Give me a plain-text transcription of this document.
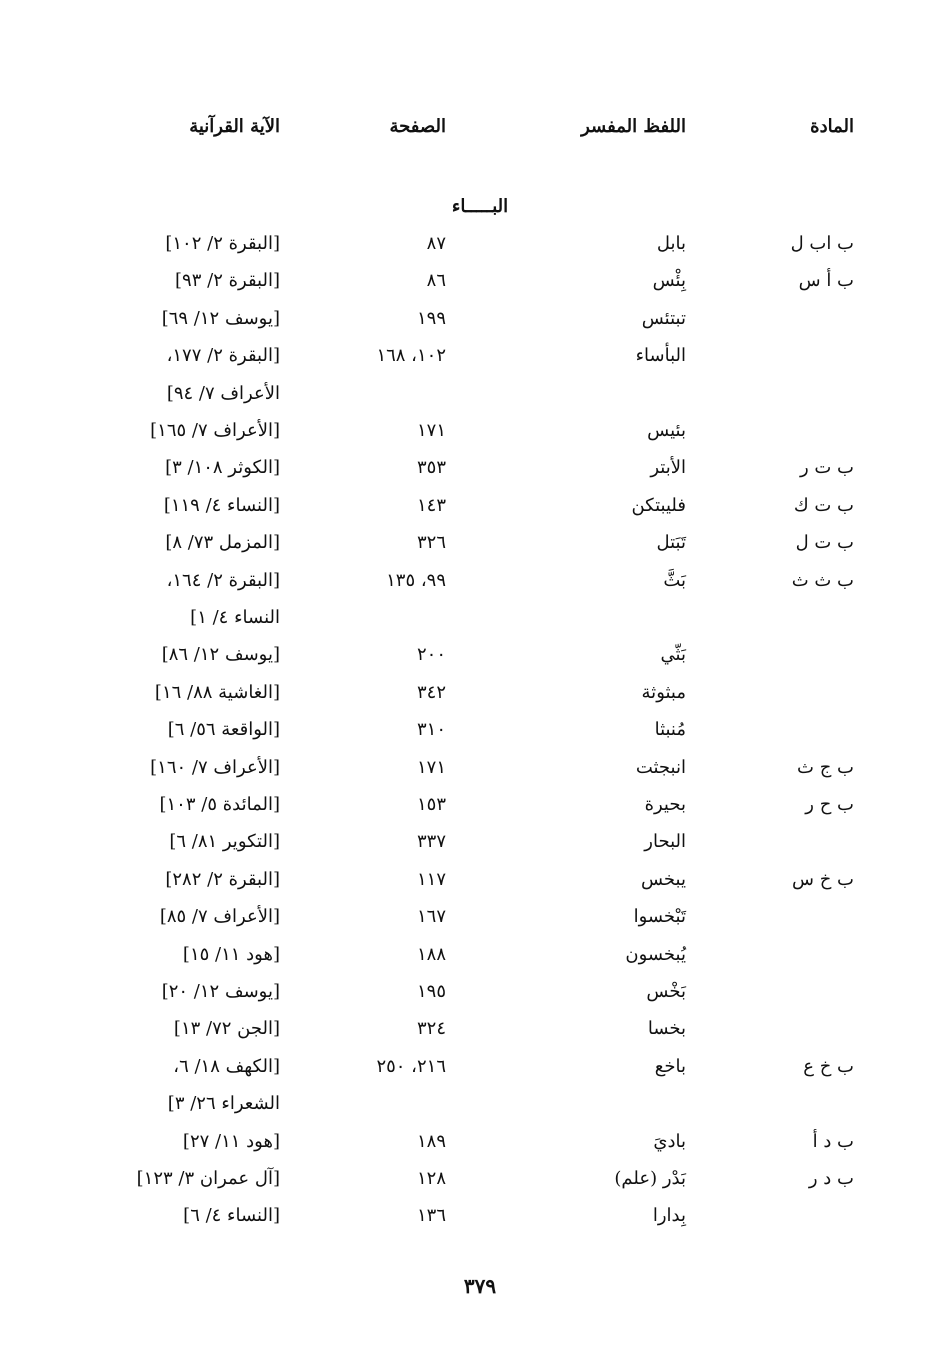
المادة
اللفظ المفسر
الصفحة
الآية القرآنية
البـــــاء
ب اب ل
بابل
٨٧
[البقرة ٢/ ١٠٢]
ب أ س
بِئْس
٨٦
[البقرة ٢/ ٩٣]
تبتئس
١٩٩
[يوسف ١٢/ ٦٩]
البأساء
١٠٢، ١٦٨
[البقرة ٢/ ١٧٧،
الأعراف ٧/ ٩٤]
بئيس
١٧١
[الأعراف ٧/ ١٦٥]
ب ت ر
الأبتر
٣٥٣
[الكوثر ١٠٨/ ٣]
ب ت ك
فليبتكن
١٤٣
[النساء ٤/ ١١٩]
ب ت ل
تَبَتل
٣٢٦
[المزمل ٧٣/ ٨]
ب ث ث
بَثَّ
٩٩، ١٣٥
[البقرة ٢/ ١٦٤،
النساء ٤/ ١]
بَثّي
٢٠٠
[يوسف ١٢/ ٨٦]
مبثوثة
٣٤٢
[الغاشية ٨٨/ ١٦]
مُنبثا
٣١٠
[الواقعة ٥٦/ ٦]
ب ج ث
انبجثت
١٧١
[الأعراف ٧/ ١٦٠]
ب ح ر
بحيرة
١٥٣
[المائدة ٥/ ١٠٣]
البحار
٣٣٧
[التكوير ٨١/ ٦]
ب خ س
يبخس
١١٧
[البقرة ٢/ ٢٨٢]
تَبْخسوا
١٦٧
[الأعراف ٧/ ٨٥]
يُبخسون
١٨٨
[هود ١١/ ١٥]
بَخْس
١٩٥
[يوسف ١٢/ ٢٠]
بخسا
٣٢٤
[الجن ٧٢/ ١٣]
ب خ ع
باخع
٢١٦، ٢٥٠
[الكهف ١٨/ ٦،
الشعراء ٢٦/ ٣]
ب د أ
باديَ
١٨٩
[هود ١١/ ٢٧]
ب د ر
بَدْر (علم)
١٢٨
[آل عمران ٣/ ١٢٣]
بِدارا
١٣٦
[النساء ٤/ ٦]
٣٧٩
